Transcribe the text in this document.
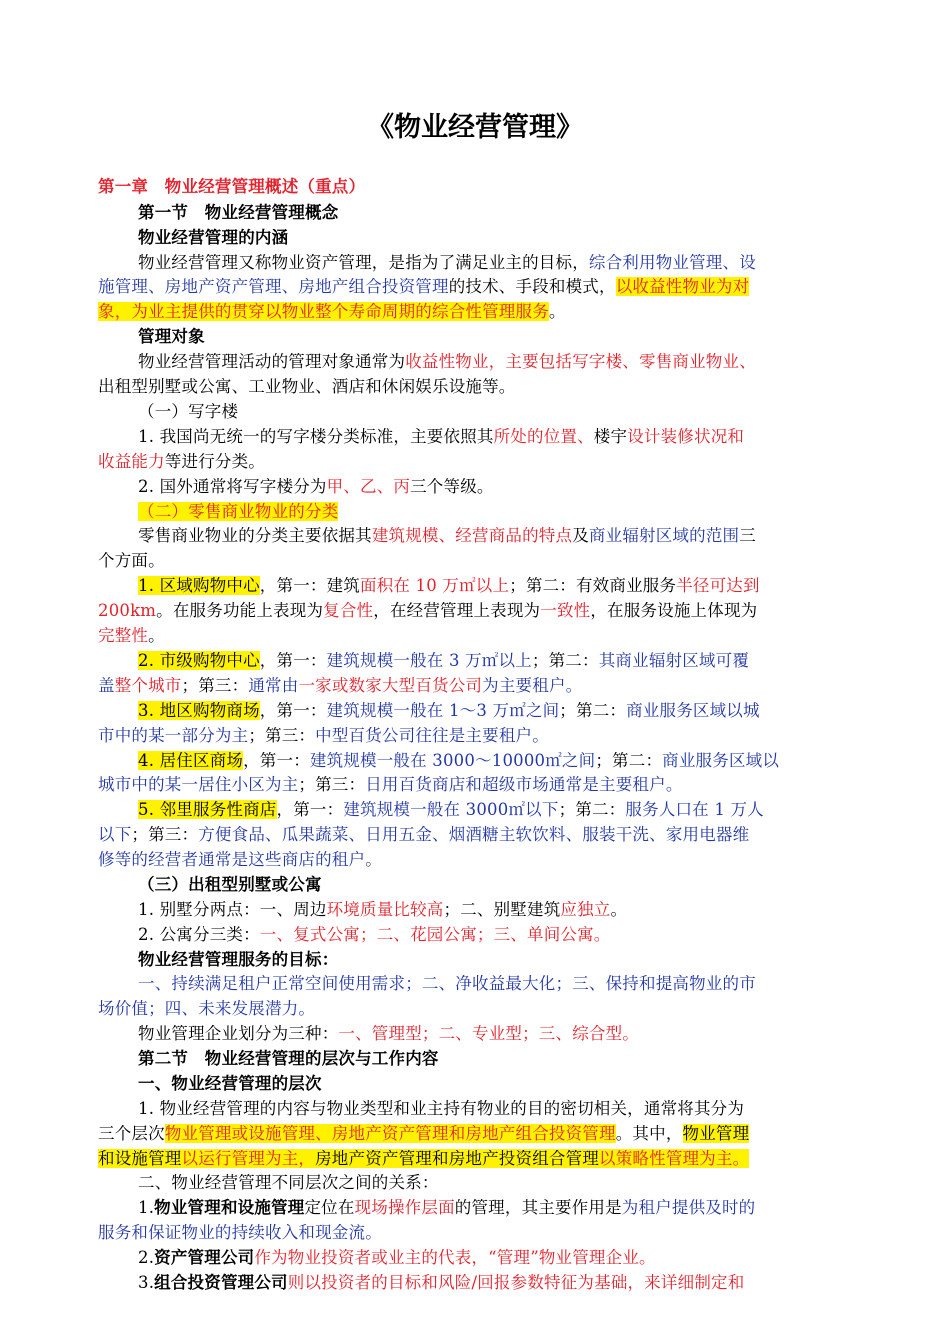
《物业经营管理》
第一章　物业经营管理概述（重点）
第一节　物业经营管理概念
物业经营管理的内涵
物业经营管理又称物业资产管理，是指为了满足业主的目标，综合利用物业管理、设
施管理、房地产资产管理、房地产组合投资管理的技术、手段和模式，以收益性物业为对
象，为业主提供的贯穿以物业整个寿命周期的综合性管理服务。
管理对象
物业经营管理活动的管理对象通常为收益性物业，主要包括写字楼、零售商业物业、
出租型别墅或公寓、工业物业、酒店和休闲娱乐设施等。
（一）写字楼
1. 我国尚无统一的写字楼分类标准，主要依照其所处的位置、楼宇设计装修状况和
收益能力等进行分类。
2. 国外通常将写字楼分为甲、乙、丙三个等级。
（二）零售商业物业的分类
零售商业物业的分类主要依据其建筑规模、经营商品的特点及商业辐射区域的范围三
个方面。
1. 区域购物中心，第一：建筑面积在 10 万㎡以上；第二：有效商业服务半径可达到
200km。在服务功能上表现为复合性，在经营管理上表现为一致性，在服务设施上体现为
完整性。
2. 市级购物中心，第一：建筑规模一般在 3 万㎡以上；第二：其商业辐射区域可覆
盖整个城市；第三：通常由一家或数家大型百货公司为主要租户。
3. 地区购物商场，第一：建筑规模一般在 1～3 万㎡之间；第二：商业服务区域以城
市中的某一部分为主；第三：中型百货公司往往是主要租户。
4. 居住区商场，第一：建筑规模一般在 3000～10000㎡之间；第二：商业服务区域以
城市中的某一居住小区为主；第三：日用百货商店和超级市场通常是主要租户。
5. 邻里服务性商店，第一：建筑规模一般在 3000㎡以下；第二：服务人口在 1 万人
以下；第三：方便食品、瓜果蔬菜、日用五金、烟酒糖主软饮料、服装干洗、家用电器维
修等的经营者通常是这些商店的租户。
（三）出租型别墅或公寓
1. 别墅分两点：一、周边环境质量比较高；二、别墅建筑应独立。
2. 公寓分三类：一、复式公寓；二、花园公寓；三、单间公寓。
物业经营管理服务的目标：
一、持续满足租户正常空间使用需求；二、净收益最大化；三、保持和提高物业的市
场价值；四、未来发展潜力。
物业管理企业划分为三种：一、管理型；二、专业型；三、综合型。
第二节　物业经营管理的层次与工作内容
一、物业经营管理的层次
1. 物业经营管理的内容与物业类型和业主持有物业的目的密切相关，通常将其分为
三个层次物业管理或设施管理、房地产资产管理和房地产组合投资管理。其中，物业管理
和设施管理以运行管理为主，房地产资产管理和房地产投资组合管理以策略性管理为主。
二、物业经营管理不同层次之间的关系：
1.物业管理和设施管理定位在现场操作层面的管理，其主要作用是为租户提供及时的
服务和保证物业的持续收入和现金流。
2.资产管理公司作为物业投资者或业主的代表，“管理”物业管理企业。
3.组合投资管理公司则以投资者的目标和风险/回报参数特征为基础，来详细制定和
